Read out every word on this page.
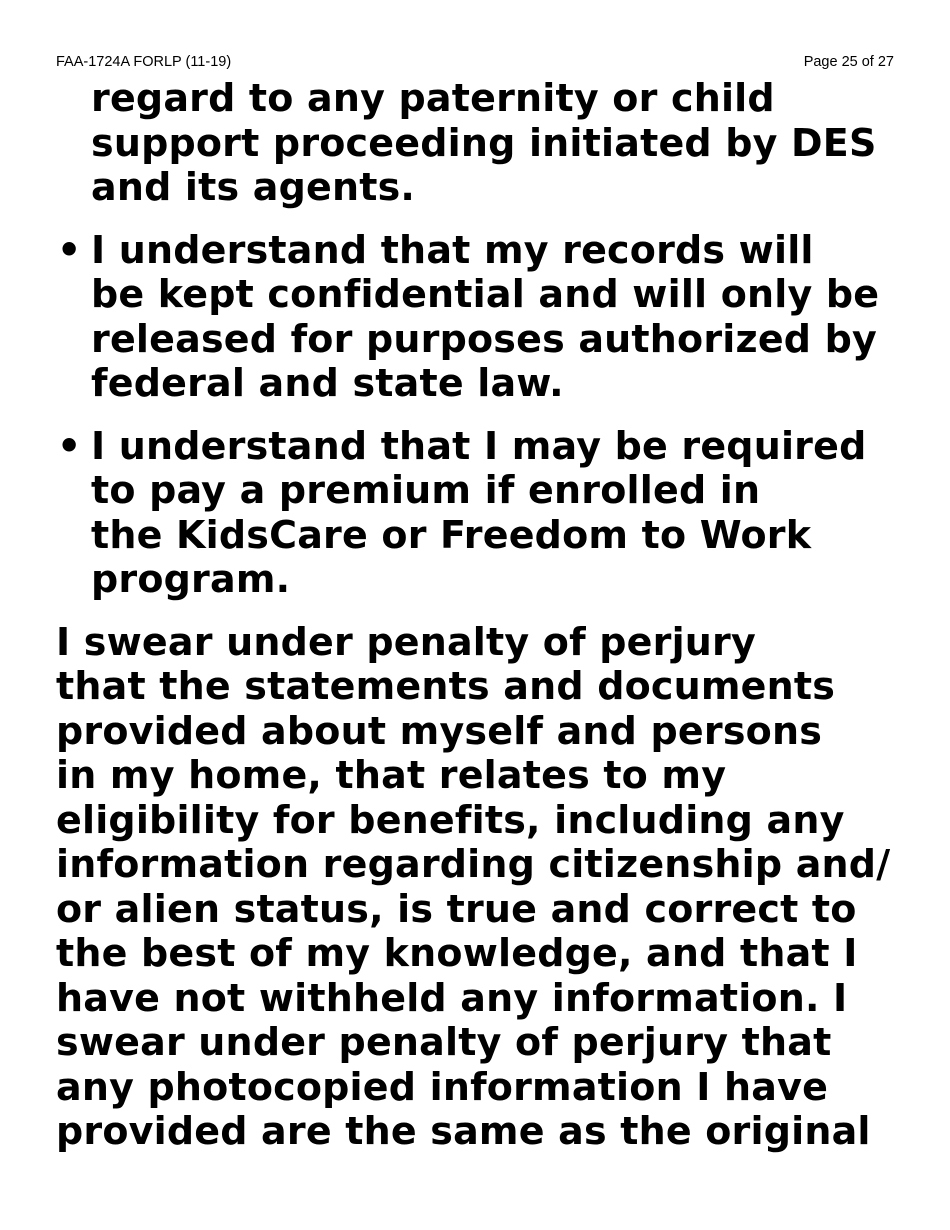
FAA-1724A FORLP (11-19)	Page 25 of 27
regard to any paternity or child
support proceeding initiated by DES
and its agents.
• I understand that my records will
be kept confidential and will only be
released for purposes authorized by
federal and state law.
• I understand that I may be required
to pay a premium if enrolled in
the KidsCare or Freedom to Work
program.
I swear under penalty of perjury
that the statements and documents
provided about myself and persons
in my home, that relates to my
eligibility for benefits, including any
information regarding citizenship and/
or alien status, is true and correct to
the best of my knowledge, and that I
have not withheld any information. I
swear under penalty of perjury that
any photocopied information I have
provided are the same as the original
